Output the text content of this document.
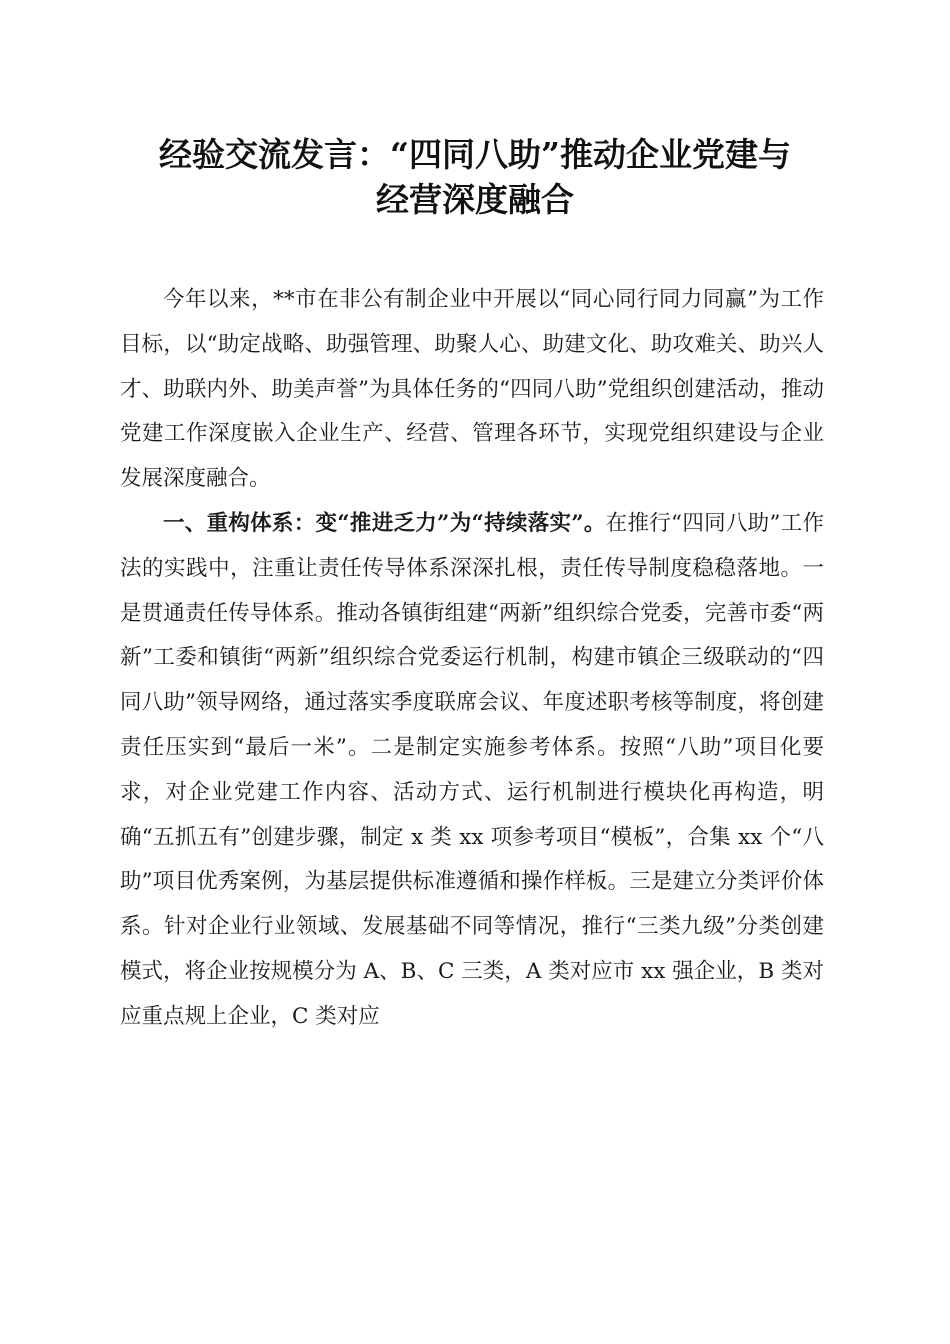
经验交流发言：“四同八助”推动企业党建与
经营深度融合

今年以来，**市在非公有制企业中开展以“同心同行同力同赢”为工作目标，以“助定战略、助强管理、助聚人心、助建文化、助攻难关、助兴人才、助联内外、助美声誉”为具体任务的“四同八助”党组织创建活动，推动党建工作深度嵌入企业生产、经营、管理各环节，实现党组织建设与企业发展深度融合。

一、重构体系：变“推进乏力”为“持续落实”。在推行“四同八助”工作法的实践中，注重让责任传导体系深深扎根，责任传导制度稳稳落地。一是贯通责任传导体系。推动各镇街组建“两新”组织综合党委，完善市委“两新”工委和镇街“两新”组织综合党委运行机制，构建市镇企三级联动的“四同八助”领导网络，通过落实季度联席会议、年度述职考核等制度，将创建责任压实到“最后一米”。二是制定实施参考体系。按照“八助”项目化要求，对企业党建工作内容、活动方式、运行机制进行模块化再构造，明确“五抓五有”创建步骤，制定 x 类 xx 项参考项目“模板”，合集 xx 个“八助”项目优秀案例，为基层提供标准遵循和操作样板。三是建立分类评价体系。针对企业行业领域、发展基础不同等情况，推行“三类九级”分类创建模式，将企业按规模分为 A、B、C 三类，A 类对应市 xx 强企业，B 类对应重点规上企业，C 类对应
